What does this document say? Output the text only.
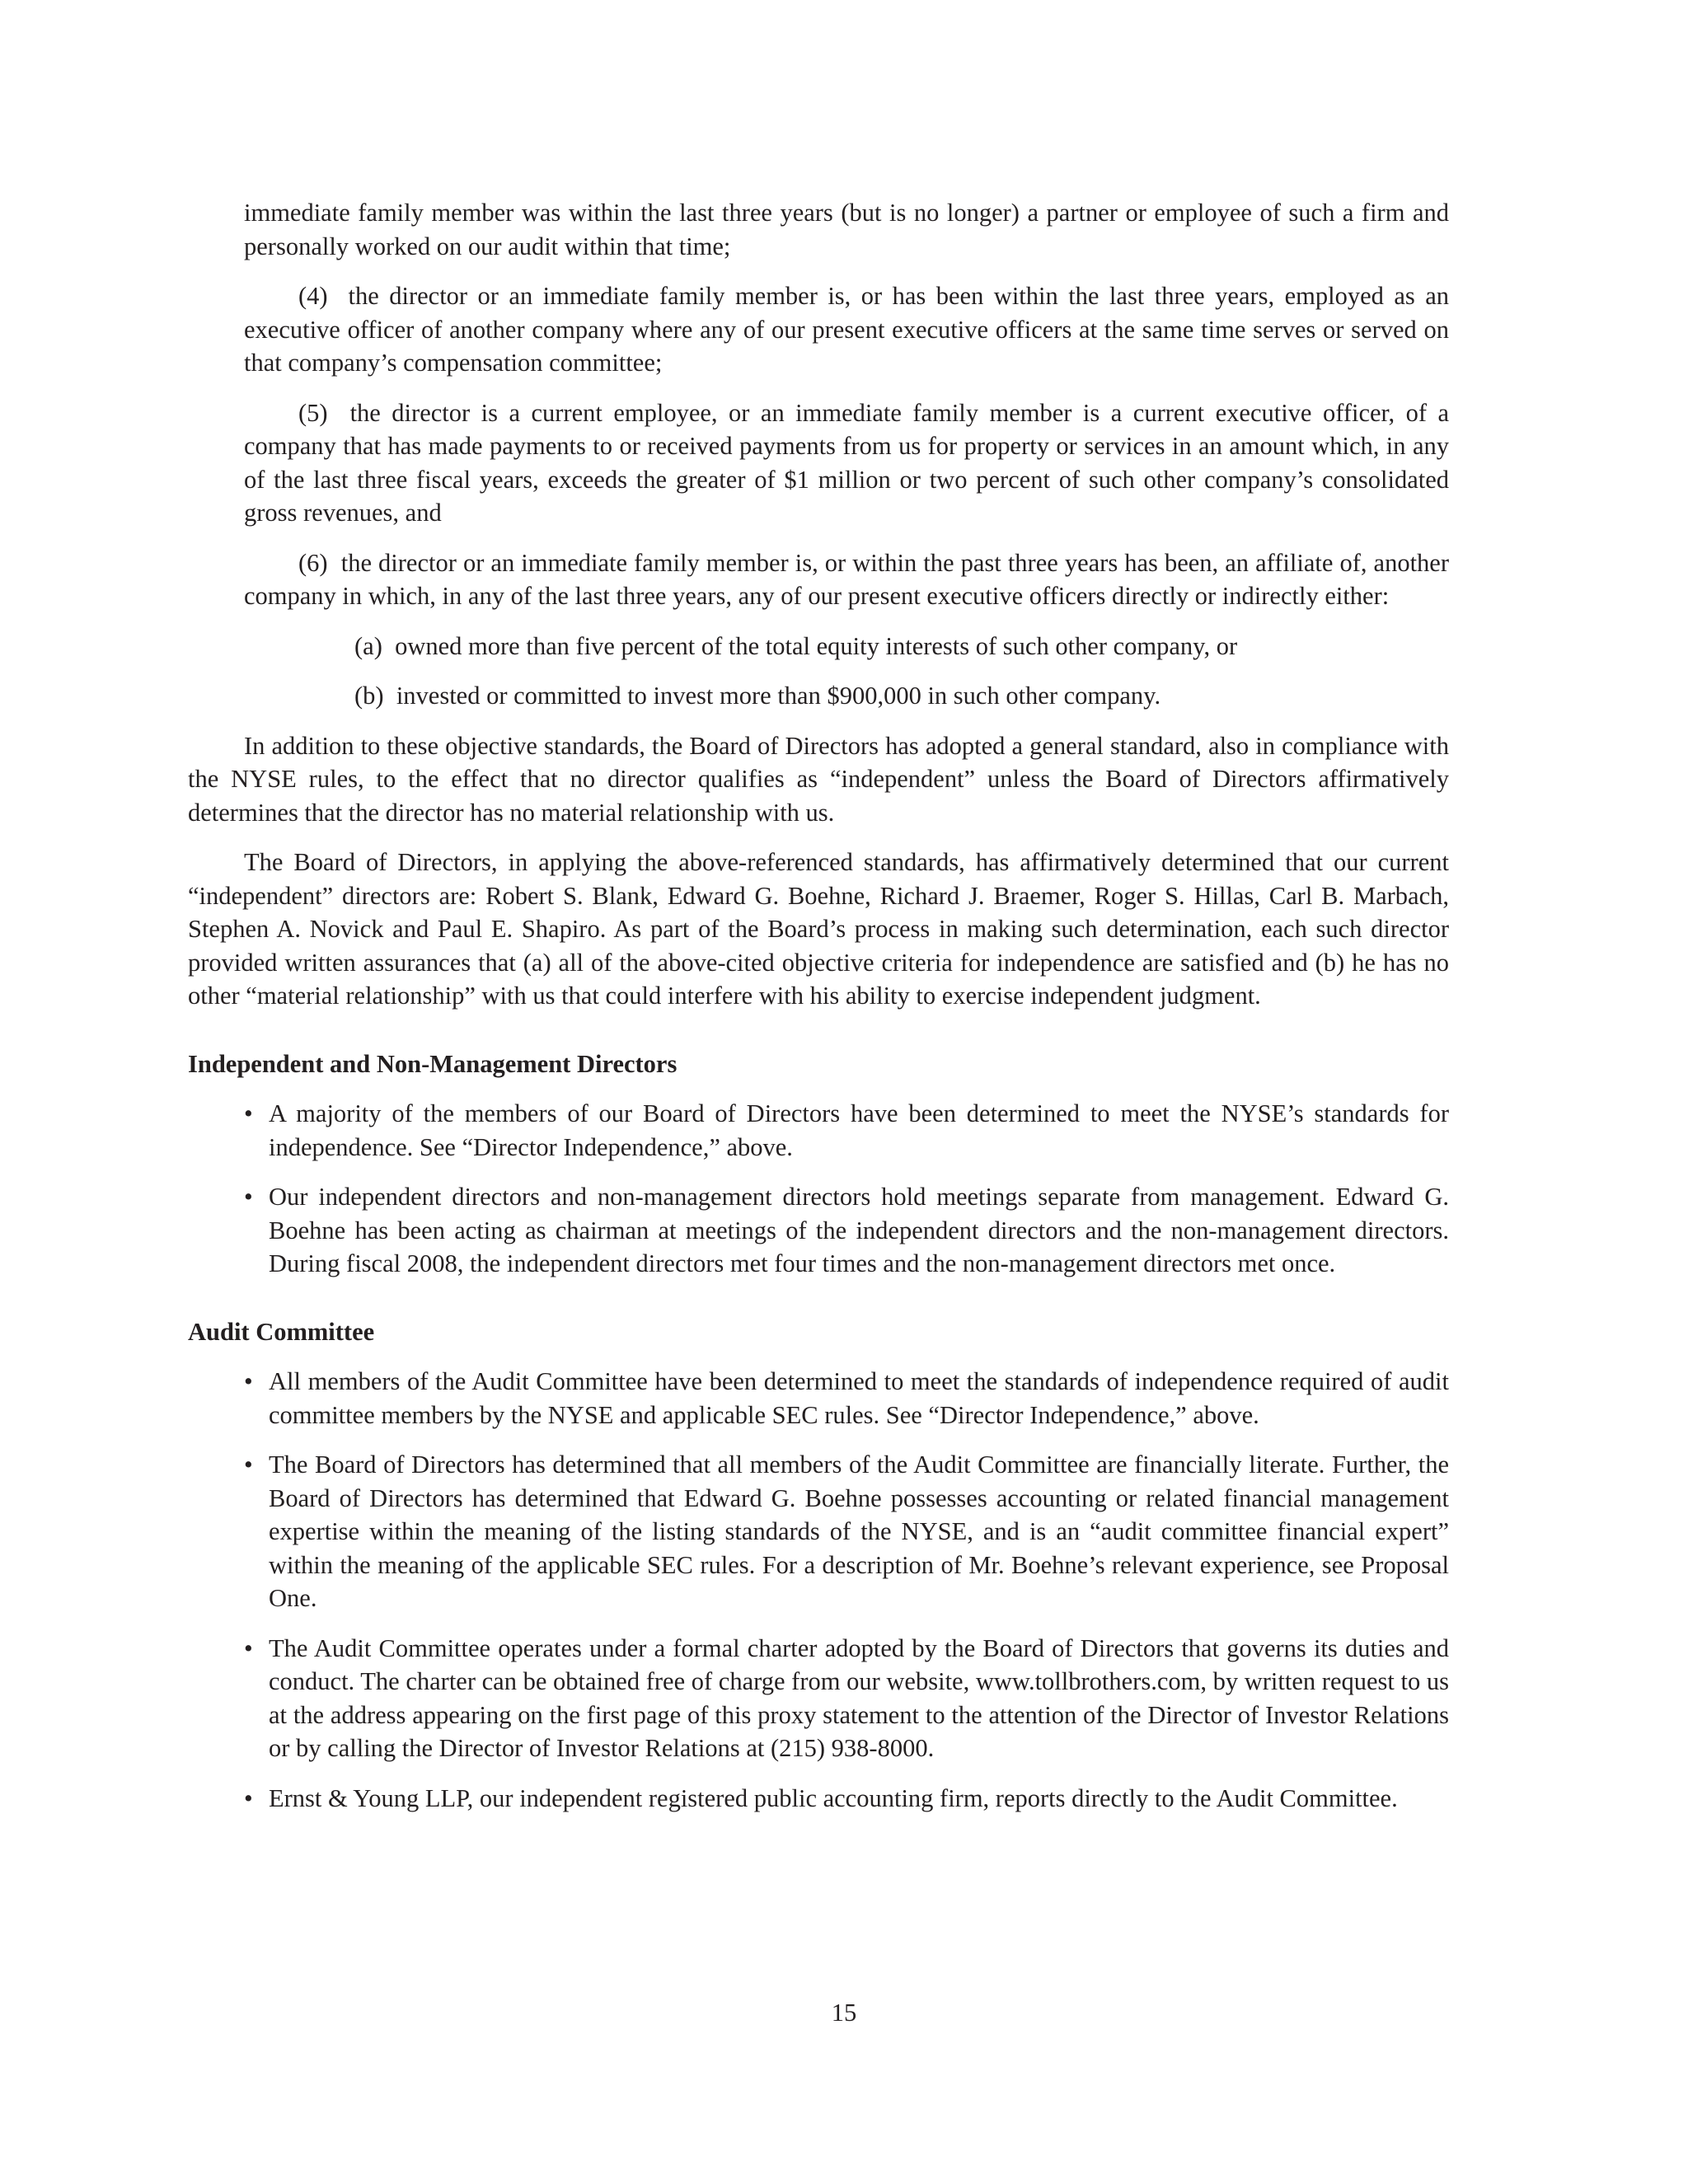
immediate family member was within the last three years (but is no longer) a partner or employee of such a firm and personally worked on our audit within that time;

(4) the director or an immediate family member is, or has been within the last three years, employed as an executive officer of another company where any of our present executive officers at the same time serves or served on that company’s compensation committee;

(5) the director is a current employee, or an immediate family member is a current executive officer, of a company that has made payments to or received payments from us for property or services in an amount which, in any of the last three fiscal years, exceeds the greater of $1 million or two percent of such other company’s consolidated gross revenues, and

(6) the director or an immediate family member is, or within the past three years has been, an affiliate of, another company in which, in any of the last three years, any of our present executive officers directly or indirectly either:

(a) owned more than five percent of the total equity interests of such other company, or

(b) invested or committed to invest more than $900,000 in such other company.

In addition to these objective standards, the Board of Directors has adopted a general standard, also in compliance with the NYSE rules, to the effect that no director qualifies as “independent” unless the Board of Directors affirmatively determines that the director has no material relationship with us.

The Board of Directors, in applying the above-referenced standards, has affirmatively determined that our current “independent” directors are: Robert S. Blank, Edward G. Boehne, Richard J. Braemer, Roger S. Hillas, Carl B. Marbach, Stephen A. Novick and Paul E. Shapiro. As part of the Board’s process in making such determination, each such director provided written assurances that (a) all of the above-cited objective criteria for independence are satisfied and (b) he has no other “material relationship” with us that could interfere with his ability to exercise independent judgment.

Independent and Non-Management Directors

• A majority of the members of our Board of Directors have been determined to meet the NYSE’s standards for independence. See “Director Independence,” above.

• Our independent directors and non-management directors hold meetings separate from management. Edward G. Boehne has been acting as chairman at meetings of the independent directors and the non-management directors. During fiscal 2008, the independent directors met four times and the non-management directors met once.

Audit Committee

• All members of the Audit Committee have been determined to meet the standards of independence required of audit committee members by the NYSE and applicable SEC rules. See “Director Independence,” above.

• The Board of Directors has determined that all members of the Audit Committee are financially literate. Further, the Board of Directors has determined that Edward G. Boehne possesses accounting or related financial management expertise within the meaning of the listing standards of the NYSE, and is an “audit committee financial expert” within the meaning of the applicable SEC rules. For a description of Mr. Boehne’s relevant experience, see Proposal One.

• The Audit Committee operates under a formal charter adopted by the Board of Directors that governs its duties and conduct. The charter can be obtained free of charge from our website, www.tollbrothers.com, by written request to us at the address appearing on the first page of this proxy statement to the attention of the Director of Investor Relations or by calling the Director of Investor Relations at (215) 938-8000.

• Ernst & Young LLP, our independent registered public accounting firm, reports directly to the Audit Committee.

15
